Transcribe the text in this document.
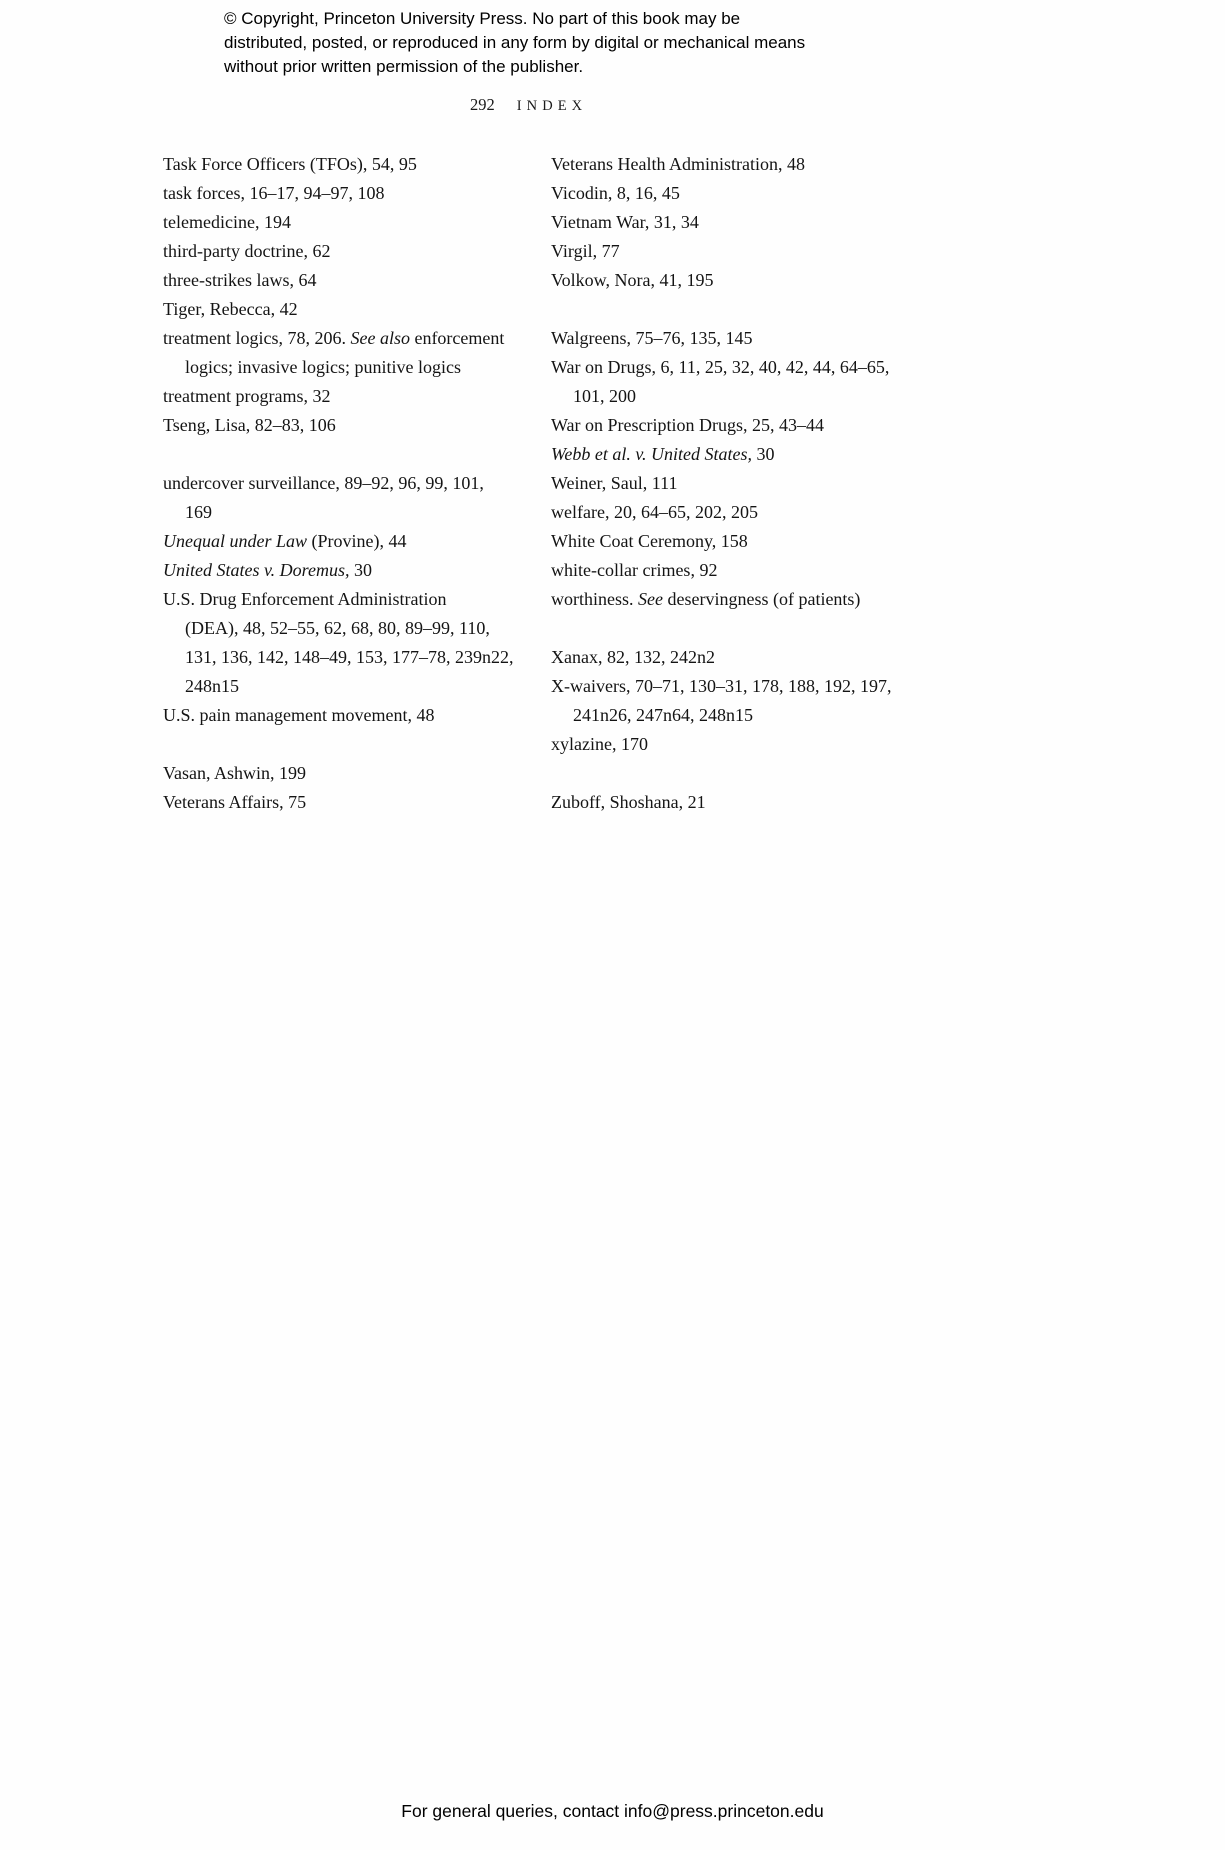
© Copyright, Princeton University Press. No part of this book may be distributed, posted, or reproduced in any form by digital or mechanical means without prior written permission of the publisher.

292 INDEX
Task Force Officers (TFOs), 54, 95
task forces, 16–17, 94–97, 108
telemedicine, 194
third-party doctrine, 62
three-strikes laws, 64
Tiger, Rebecca, 42
treatment logics, 78, 206. See also enforcement
logics; invasive logics; punitive logics
treatment programs, 32
Tseng, Lisa, 82–83, 106
undercover surveillance, 89–92, 96, 99, 101,
169
Unequal under Law (Provine), 44
United States v. Doremus, 30
U.S. Drug Enforcement Administration
(DEA), 48, 52–55, 62, 68, 80, 89–99, 110,
131, 136, 142, 148–49, 153, 177–78, 239n22,
248n15
U.S. pain management movement, 48
Vasan, Ashwin, 199
Veterans Affairs, 75
Veterans Health Administration, 48
Vicodin, 8, 16, 45
Vietnam War, 31, 34
Virgil, 77
Volkow, Nora, 41, 195
Walgreens, 75–76, 135, 145
War on Drugs, 6, 11, 25, 32, 40, 42, 44, 64–65,
101, 200
War on Prescription Drugs, 25, 43–44
Webb et al. v. United States, 30
Weiner, Saul, 111
welfare, 20, 64–65, 202, 205
White Coat Ceremony, 158
white-collar crimes, 92
worthiness. See deservingness (of patients)
Xanax, 82, 132, 242n2
X-waivers, 70–71, 130–31, 178, 188, 192, 197,
241n26, 247n64, 248n15
xylazine, 170
Zuboff, Shoshana, 21

For general queries, contact info@press.princeton.edu
